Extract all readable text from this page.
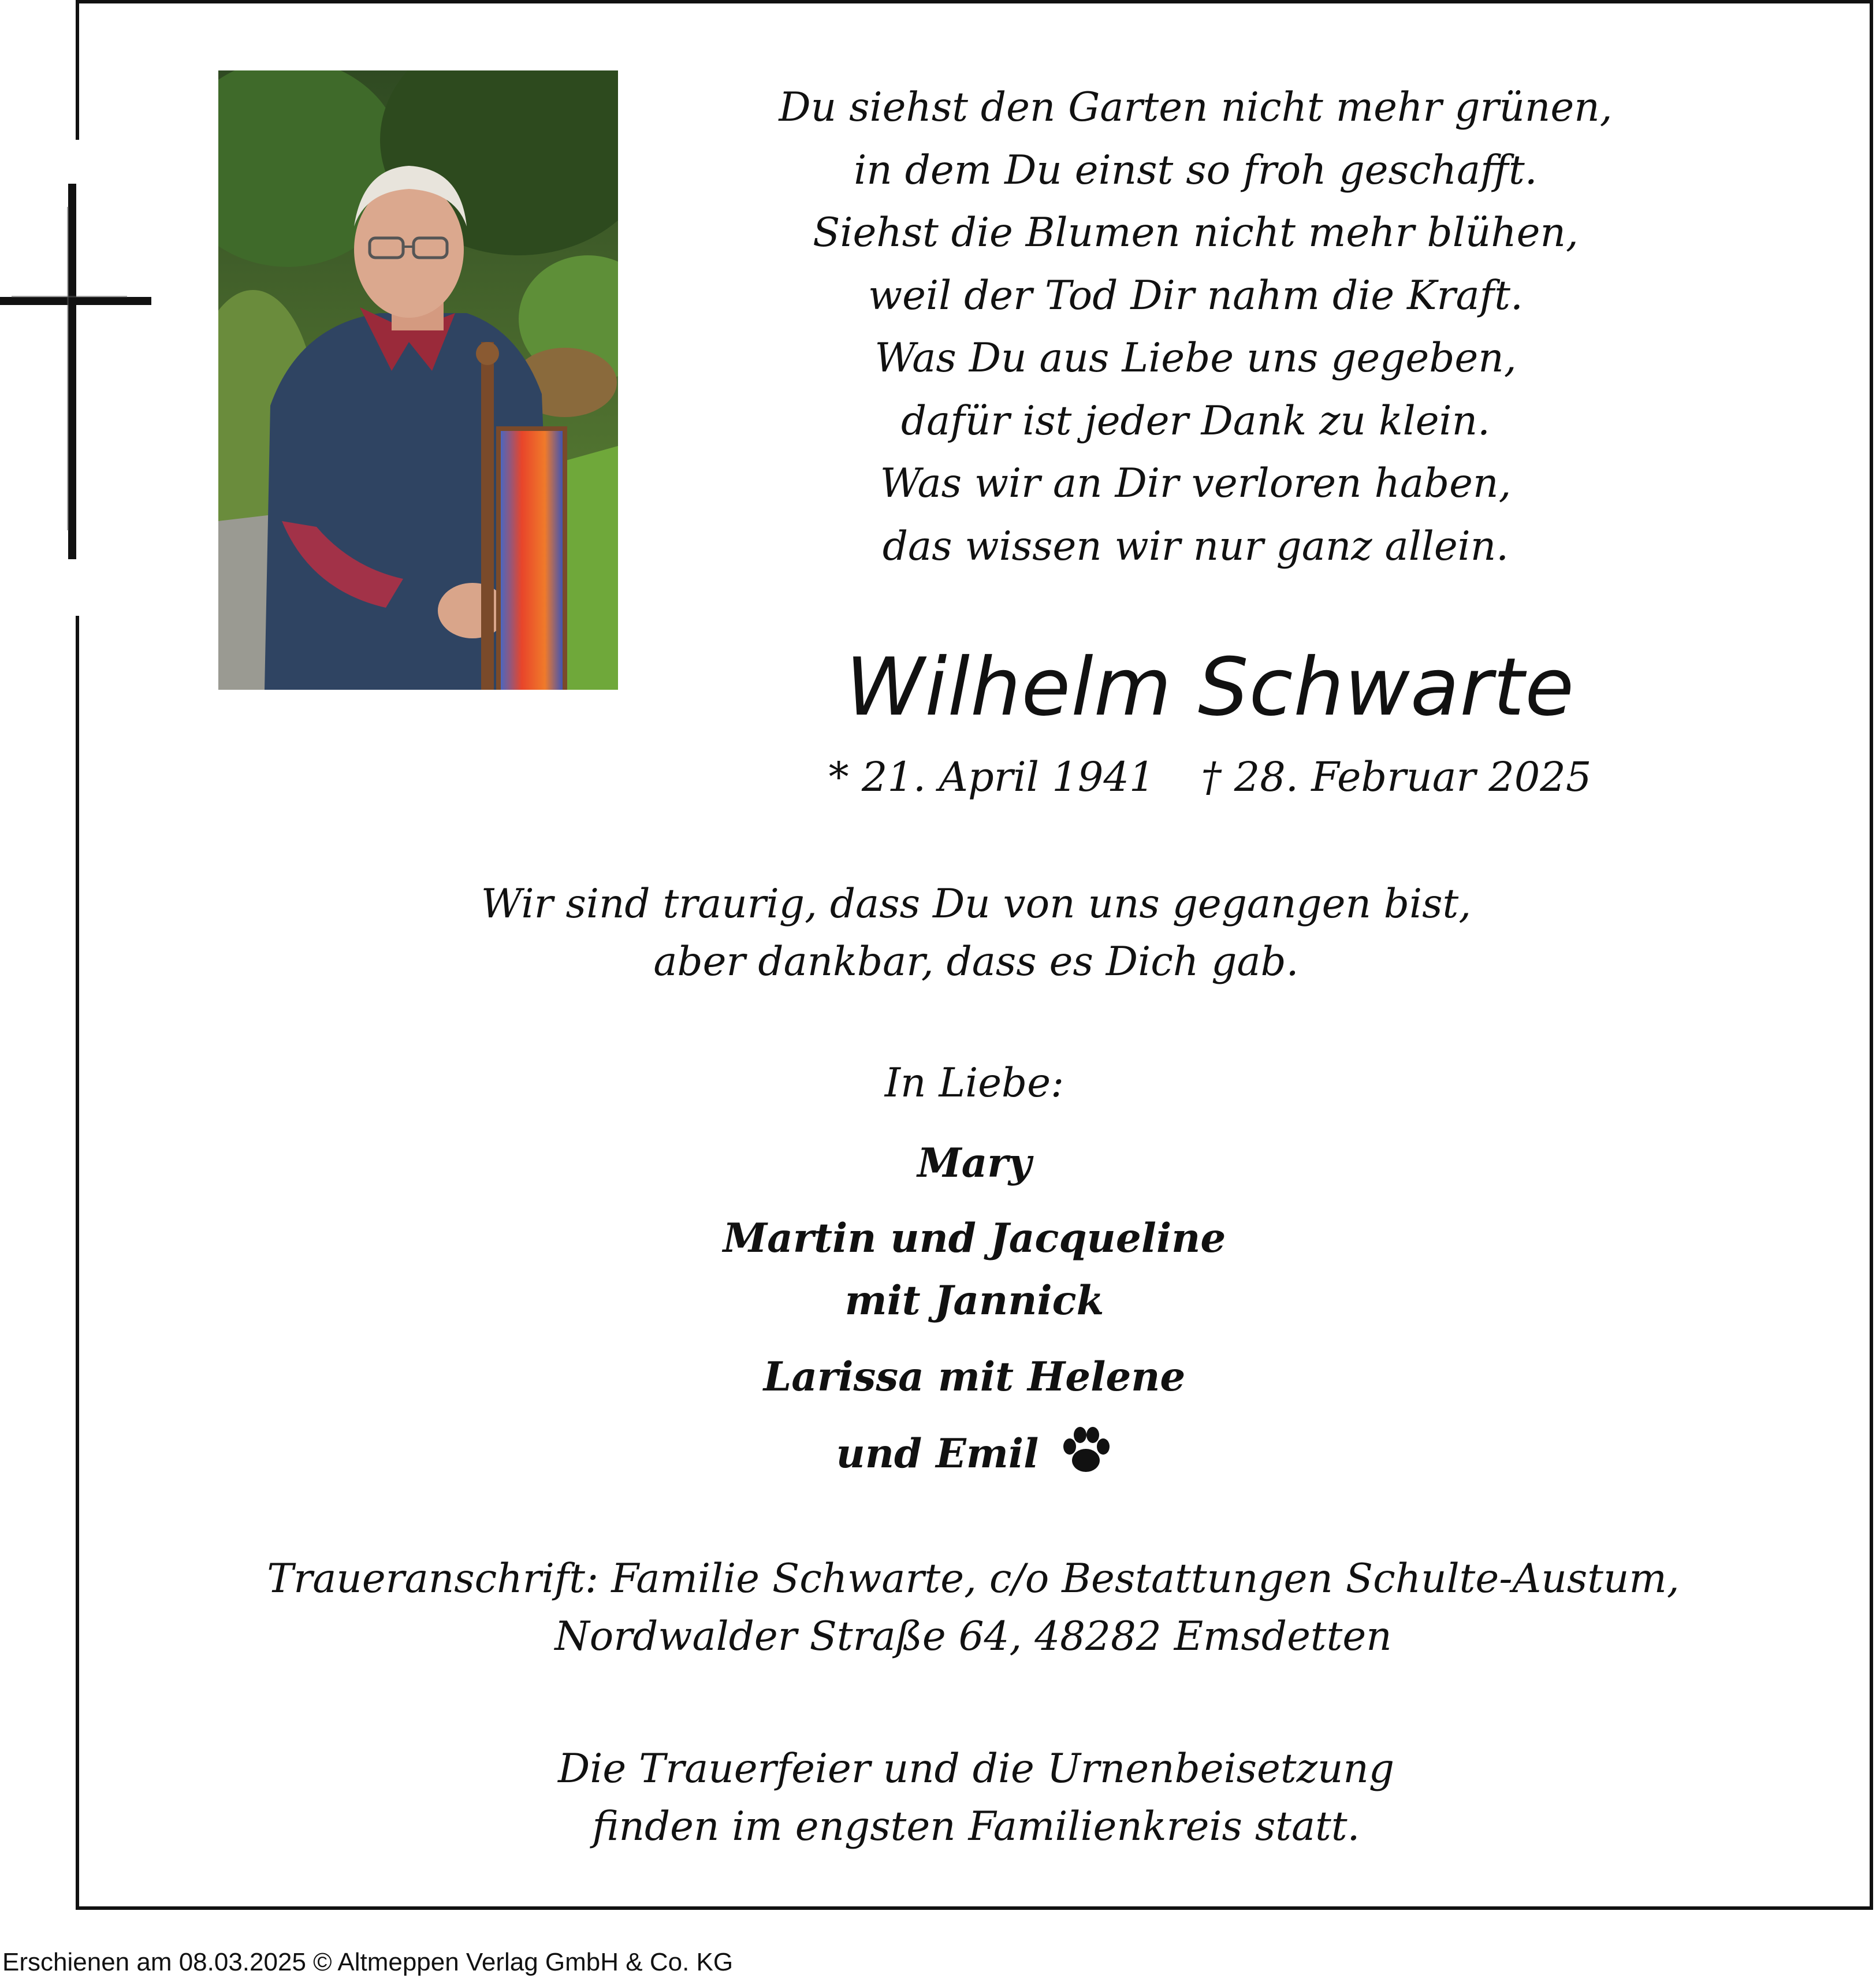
Du siehst den Garten nicht mehr grünen,
in dem Du einst so froh geschafft.
Siehst die Blumen nicht mehr blühen,
weil der Tod Dir nahm die Kraft.
Was Du aus Liebe uns gegeben,
dafür ist jeder Dank zu klein.
Was wir an Dir verloren haben,
das wissen wir nur ganz allein.
Wilhelm Schwarte
* 21. April 1941 † 28. Februar 2025
Wir sind traurig, dass Du von uns gegangen bist,
aber dankbar, dass es Dich gab.
In Liebe:
Mary
Martin und Jacqueline
mit Jannick
Larissa mit Helene
und Emil
Traueranschrift: Familie Schwarte, c/o Bestattungen Schulte-Austum,
Nordwalder Straße 64, 48282 Emsdetten
Die Trauerfeier und die Urnenbeisetzung
finden im engsten Familienkreis statt.
Erschienen am 08.03.2025 © Altmeppen Verlag GmbH & Co. KG
